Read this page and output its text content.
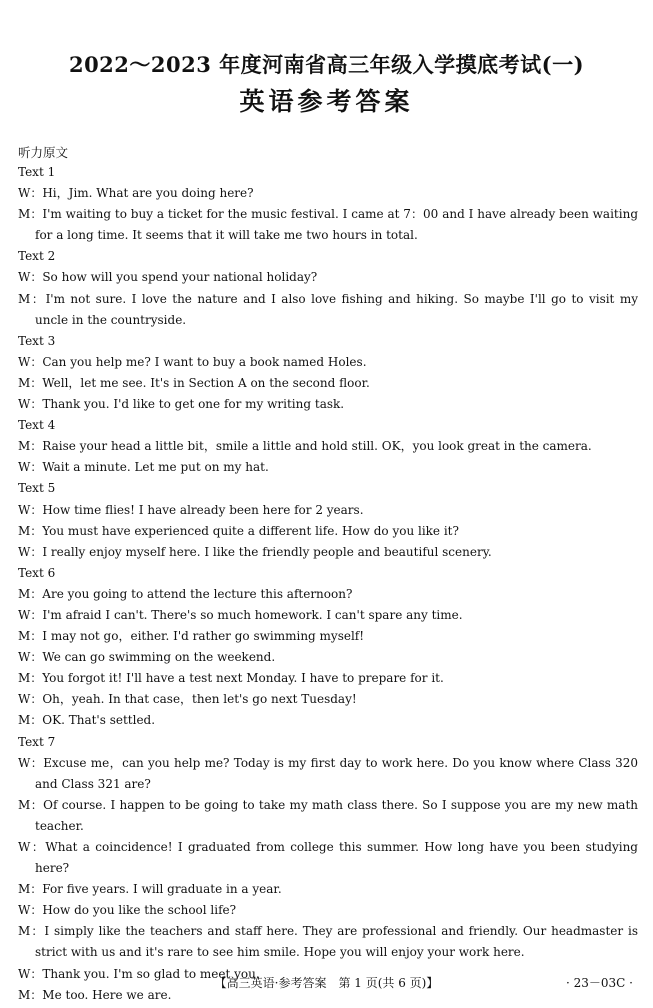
2022～2023 年度河南省高三年级入学摸底考试(一)
英语参考答案
听力原文

Text 1

W：Hi，Jim. What are you doing here?

M：I'm waiting to buy a ticket for the music festival. I came at 7：00 and I have already been waiting for a long time. It seems that it will take me two hours in total.

Text 2

W：So how will you spend your national holiday?

M：I'm not sure. I love the nature and I also love fishing and hiking. So maybe I'll go to visit my uncle in the countryside.

Text 3

W：Can you help me? I want to buy a book named Holes.

M：Well，let me see. It's in Section A on the second floor.

W：Thank you. I'd like to get one for my writing task.

Text 4

M：Raise your head a little bit，smile a little and hold still. OK，you look great in the camera.

W：Wait a minute. Let me put on my hat.

Text 5

W：How time flies! I have already been here for 2 years.

M：You must have experienced quite a different life. How do you like it?

W：I really enjoy myself here. I like the friendly people and beautiful scenery.

Text 6

M：Are you going to attend the lecture this afternoon?

W：I'm afraid I can't. There's so much homework. I can't spare any time.

M：I may not go，either. I'd rather go swimming myself!

W：We can go swimming on the weekend.

M：You forgot it! I'll have a test next Monday. I have to prepare for it.

W：Oh，yeah. In that case，then let's go next Tuesday!

M：OK. That's settled.

Text 7

W：Excuse me，can you help me? Today is my first day to work here. Do you know where Class 320 and Class 321 are?

M：Of course. I happen to be going to take my math class there. So I suppose you are my new math teacher.

W：What a coincidence! I graduated from college this summer. How long have you been studying here?

M：For five years. I will graduate in a year.

W：How do you like the school life?

M：I simply like the teachers and staff here. They are professional and friendly. Our headmaster is strict with us and it's rare to see him smile. Hope you will enjoy your work here.

W：Thank you. I'm so glad to meet you.

M：Me too. Here we are.

【高三英语·参考答案　第 1 页(共 6 页)】	· 23－03C ·
